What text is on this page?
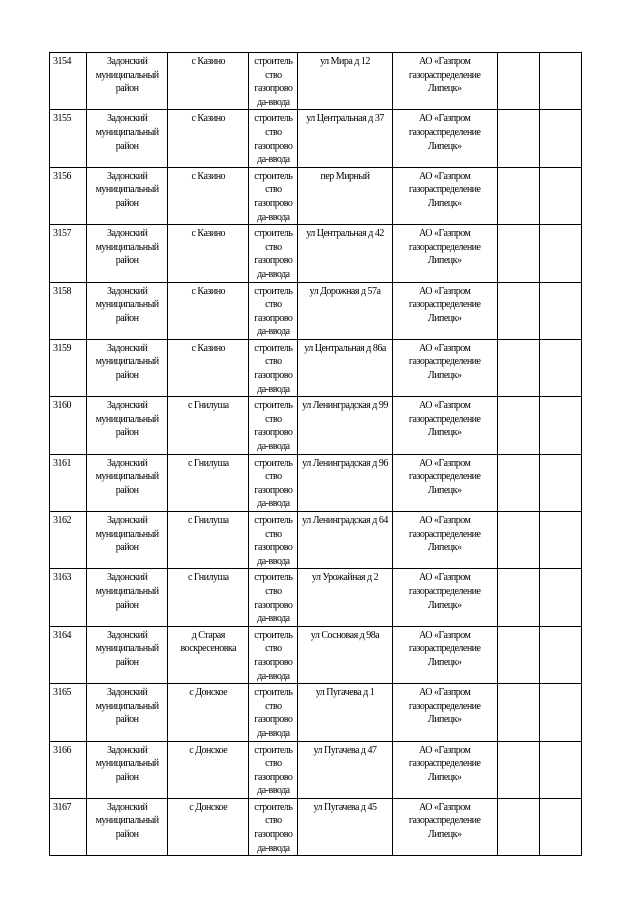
3154	Задонский муниципальный район	с Казино	строитель ство газопрово да-ввода	ул Мира д 12	АО «Газпром газораспределение Липецк»		
3155	Задонский муниципальный район	с Казино	строитель ство газопрово да-ввода	ул Центральная д 37	АО «Газпром газораспределение Липецк»		
3156	Задонский муниципальный район	с Казино	строитель ство газопрово да-ввода	пер Мирный	АО «Газпром газораспределение Липецк»		
3157	Задонский муниципальный район	с Казино	строитель ство газопрово да-ввода	ул Центральная д 42	АО «Газпром газораспределение Липецк»		
3158	Задонский муниципальный район	с Казино	строитель ство газопрово да-ввода	ул Дорожная д 57а	АО «Газпром газораспределение Липецк»		
3159	Задонский муниципальный район	с Казино	строитель ство газопрово да-ввода	ул Центральная д 86а	АО «Газпром газораспределение Липецк»		
3160	Задонский муниципальный район	с Гнилуша	строитель ство газопрово да-ввода	ул Ленинградская д 99	АО «Газпром газораспределение Липецк»		
3161	Задонский муниципальный район	с Гнилуша	строитель ство газопрово да-ввода	ул Ленинградская д 96	АО «Газпром газораспределение Липецк»		
3162	Задонский муниципальный район	с Гнилуша	строитель ство газопрово да-ввода	ул Ленинградская д 64	АО «Газпром газораспределение Липецк»		
3163	Задонский муниципальный район	с Гнилуша	строитель ство газопрово да-ввода	ул Урожайная д 2	АО «Газпром газораспределение Липецк»		
3164	Задонский муниципальный район	д Старая воскресеновка	строитель ство газопрово да-ввода	ул Сосновая д 98а	АО «Газпром газораспределение Липецк»		
3165	Задонский муниципальный район	с Донское	строитель ство газопрово да-ввода	ул Пугачева д 1	АО «Газпром газораспределение Липецк»		
3166	Задонский муниципальный район	с Донское	строитель ство газопрово да-ввода	ул Пугачева д 47	АО «Газпром газораспределение Липецк»		
3167	Задонский муниципальный район	с Донское	строитель ство газопрово да-ввода	ул Пугачева д 45	АО «Газпром газораспределение Липецк»		
